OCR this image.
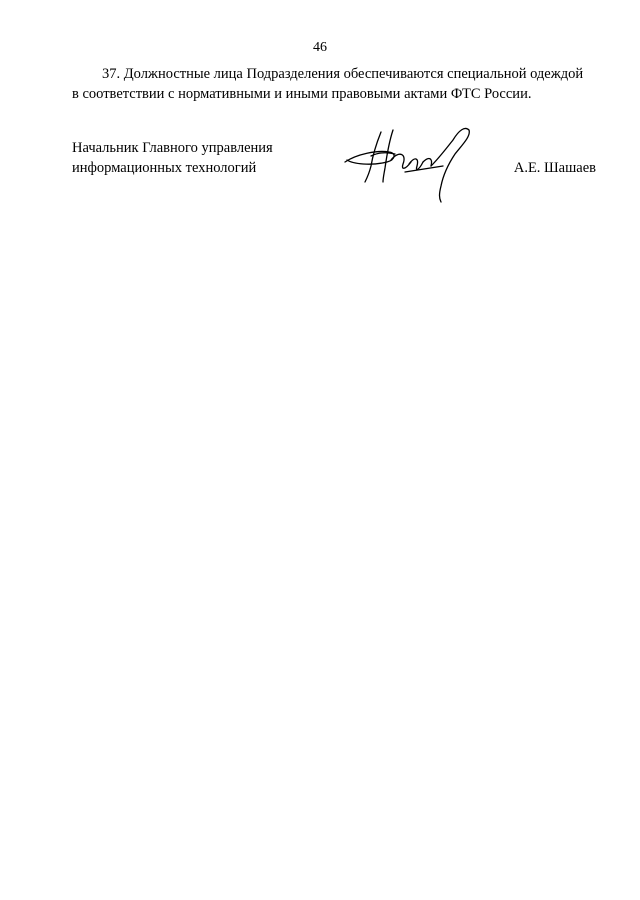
46
37. Должностные лица Подразделения обеспечиваются специальной одеждой
в соответствии с нормативными и иными правовыми актами ФТС России.
Начальник Главного управления
информационных технологий	А.Е. Шашаев
